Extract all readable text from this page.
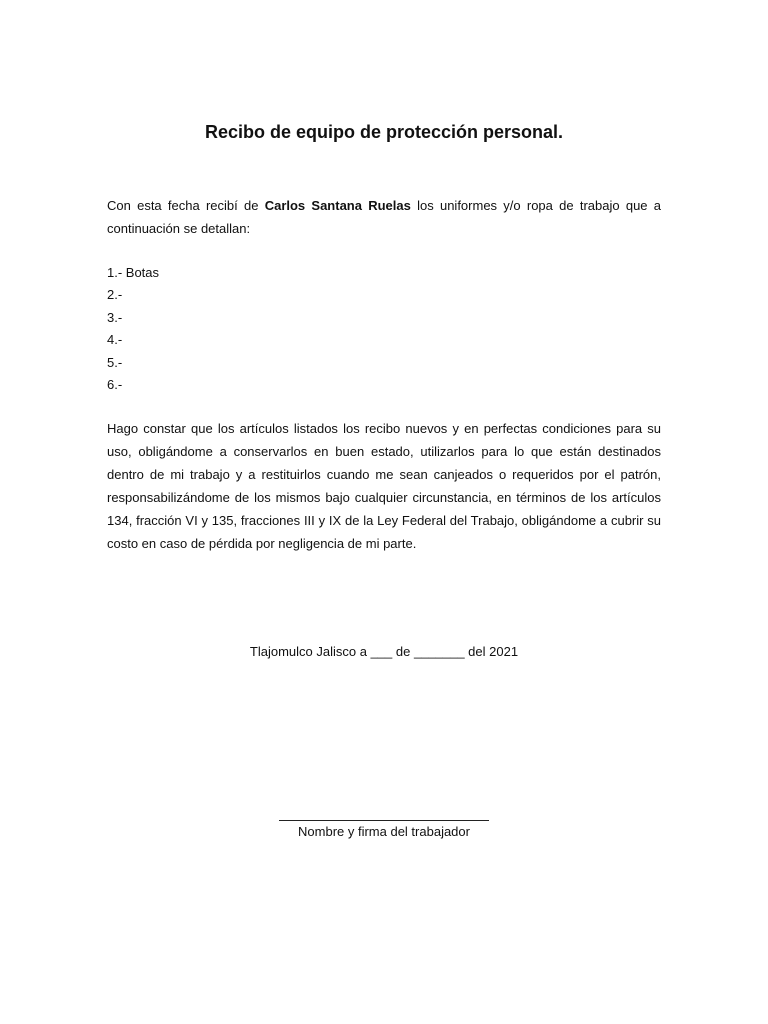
Recibo de equipo de protección personal.

Con esta fecha recibí de Carlos Santana Ruelas los uniformes y/o ropa de trabajo que a continuación se detallan:

1.- Botas
2.-
3.-
4.-
5.-
6.-

Hago constar que los artículos listados los recibo nuevos y en perfectas condiciones para su uso, obligándome a conservarlos en buen estado, utilizarlos para lo que están destinados dentro de mi trabajo y a restituirlos cuando me sean canjeados o requeridos por el patrón, responsabilizándome de los mismos bajo cualquier circunstancia, en términos de los artículos 134, fracción VI y 135, fracciones III y IX de la Ley Federal del Trabajo, obligándome a cubrir su costo en caso de pérdida por negligencia de mi parte.

Tlajomulco Jalisco a ___ de _______ del 2021

Nombre y firma del trabajador
